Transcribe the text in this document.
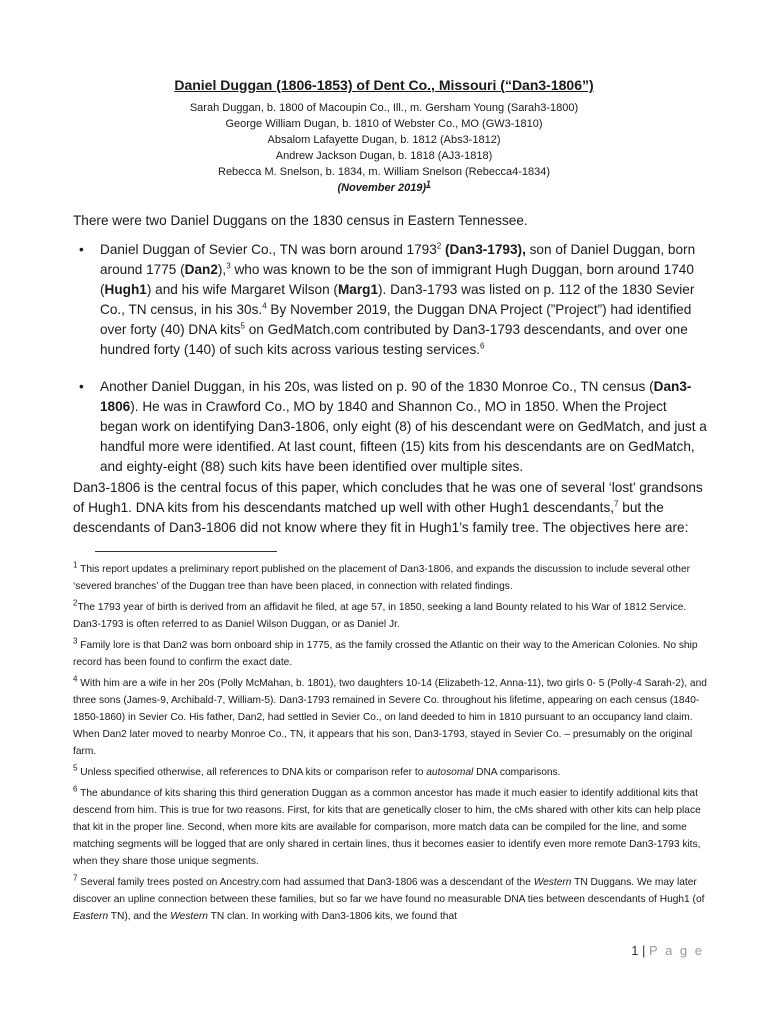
Daniel Duggan (1806-1853) of Dent Co., Missouri (“Dan3-1806”)
Sarah Duggan, b. 1800 of Macoupin Co., Ill., m. Gersham Young (Sarah3-1800)
George William Dugan, b. 1810 of Webster Co., MO (GW3-1810)
Absalom Lafayette Dugan, b. 1812 (Abs3-1812)
Andrew Jackson Dugan, b. 1818 (AJ3-1818)
Rebecca M. Snelson, b. 1834, m. William Snelson (Rebecca4-1834)
(November 2019)$^1$
There were two Daniel Duggans on the 1830 census in Eastern Tennessee.
• Daniel Duggan of Sevier Co., TN was born around 1793$^2$ (Dan3-1793), son of Daniel Duggan, born around 1775 (Dan2),$^3$ who was known to be the son of immigrant Hugh Duggan, born around 1740 (Hugh1) and his wife Margaret Wilson (Marg1). Dan3-1793 was listed on p. 112 of the 1830 Sevier Co., TN census, in his 30s.$^4$ By November 2019, the Duggan DNA Project (”Project”) had identified over forty (40) DNA kits$^5$ on GedMatch.com contributed by Dan3-1793 descendants, and over one hundred forty (140) of such kits across various testing services.$^6$
• Another Daniel Duggan, in his 20s, was listed on p. 90 of the 1830 Monroe Co., TN census (Dan3-1806). He was in Crawford Co., MO by 1840 and Shannon Co., MO in 1850. When the Project began work on identifying Dan3-1806, only eight (8) of his descendant were on GedMatch, and just a handful more were identified. At last count, fifteen (15) kits from his descendants are on GedMatch, and eighty-eight (88) such kits have been identified over multiple sites.
Dan3-1806 is the central focus of this paper, which concludes that he was one of several ‘lost’ grandsons of Hugh1. DNA kits from his descendants matched up well with other Hugh1 descendants,$^7$ but the descendants of Dan3-1806 did not know where they fit in Hugh1’s family tree. The objectives here are:
$^1$ This report updates a preliminary report published on the placement of Dan3-1806, and expands the discussion to include several other ‘severed branches’ of the Duggan tree than have been placed, in connection with related findings.
$^2$The 1793 year of birth is derived from an affidavit he filed, at age 57, in 1850, seeking a land Bounty related to his War of 1812 Service. Dan3-1793 is often referred to as Daniel Wilson Duggan, or as Daniel Jr.
$^3$ Family lore is that Dan2 was born onboard ship in 1775, as the family crossed the Atlantic on their way to the American Colonies. No ship record has been found to confirm the exact date.
$^4$ With him are a wife in her 20s (Polly McMahan, b. 1801), two daughters 10-14 (Elizabeth-12, Anna-11), two girls 0- 5 (Polly-4 Sarah-2), and three sons (James-9, Archibald-7, William-5). Dan3-1793 remained in Severe Co. throughout his lifetime, appearing on each census (1840-1850-1860) in Sevier Co. His father, Dan2, had settled in Sevier Co., on land deeded to him in 1810 pursuant to an occupancy land claim. When Dan2 later moved to nearby Monroe Co., TN, it appears that his son, Dan3-1793, stayed in Sevier Co. – presumably on the original farm.
$^5$ Unless specified otherwise, all references to DNA kits or comparison refer to autosomal DNA comparisons.
$^6$ The abundance of kits sharing this third generation Duggan as a common ancestor has made it much easier to identify additional kits that descend from him. This is true for two reasons. First, for kits that are genetically closer to him, the cMs shared with other kits can help place that kit in the proper line. Second, when more kits are available for comparison, more match data can be compiled for the line, and some matching segments will be logged that are only shared in certain lines, thus it becomes easier to identify even more remote Dan3-1793 kits, when they share those unique segments.
$^7$ Several family trees posted on Ancestry.com had assumed that Dan3-1806 was a descendant of the Western TN Duggans. We may later discover an upline connection between these families, but so far we have found no measurable DNA ties between descendants of Hugh1 (of Eastern TN), and the Western TN clan. In working with Dan3-1806 kits, we found that
1 | P a g e
